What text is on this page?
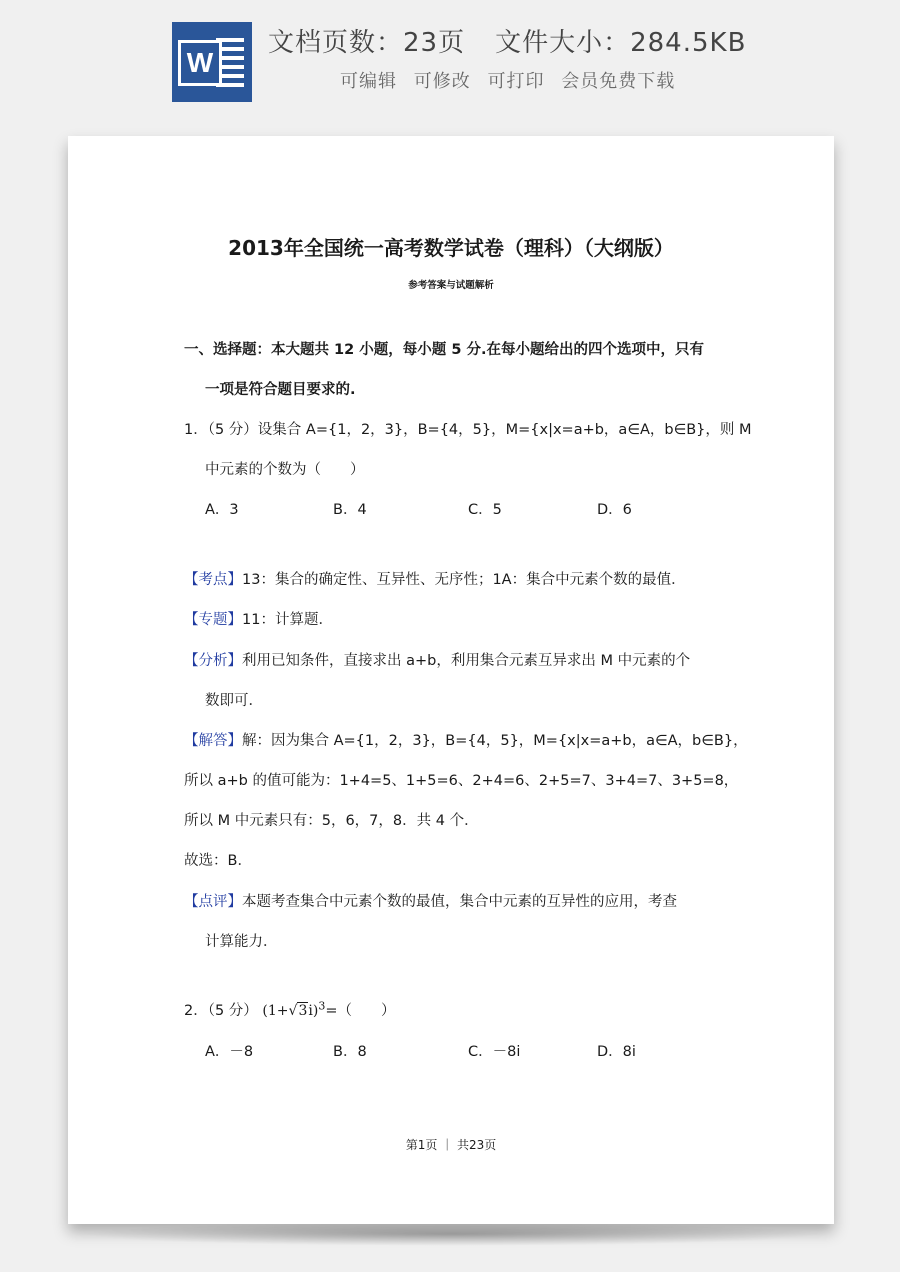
W
文档页数：23页 文件大小：284.5KB
可编辑 可修改 可打印 会员免费下载
2013年全国统一高考数学试卷（理科）（大纲版）
参考答案与试题解析
一、选择题：本大题共 12 小题，每小题 5 分.在每小题给出的四个选项中，只有
一项是符合题目要求的.
1．（5 分）设集合 A={1，2，3}，B={4，5}，M={x|x=a+b，a∈A，b∈B}，则 M
中元素的个数为（　　）
A．3	B．4	C．5	D．6
【考点】13：集合的确定性、互异性、无序性；1A：集合中元素个数的最值．
【专题】11：计算题．
【分析】利用已知条件，直接求出 a+b，利用集合元素互异求出 M 中元素的个
数即可．
【解答】解：因为集合 A={1，2，3}，B={4，5}，M={x|x=a+b，a∈A，b∈B}，
所以 a+b 的值可能为：1+4=5、1+5=6、2+4=6、2+5=7、3+4=7、3+5=8，
所以 M 中元素只有：5，6，7，8．共 4 个．
故选：B．
【点评】本题考查集合中元素个数的最值，集合中元素的互异性的应用，考查
计算能力．
2．（5 分） $(1+√3i)^3=$（　　）
A．－8	B．8	C．－8i	D．8i
第1页 ｜ 共23页
